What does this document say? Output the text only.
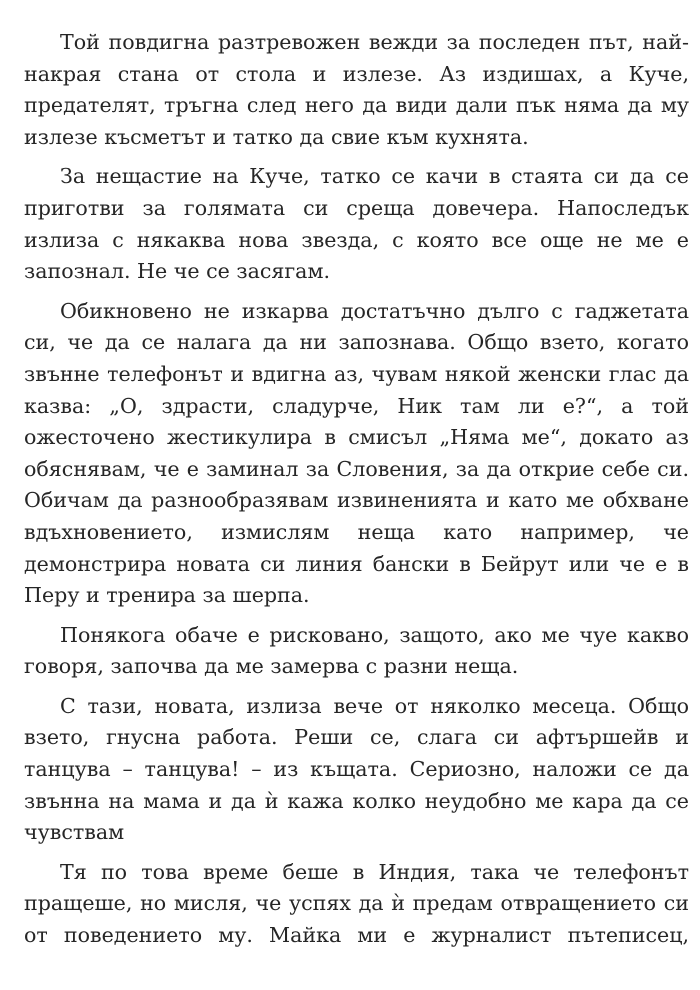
Той повдигна разтревожен вежди за последен път, най-накрая стана от стола и излезе. Аз издишах, а Куче, предателят, тръгна след него да види дали пък няма да му излезе късметът и татко да свие към кухнята.

За нещастие на Куче, татко се качи в стаята си да се приготви за голямата си среща довечера. Напоследък излиза с някаква нова звезда, с която все още не ме е запознал. Не че се засягам.

Обикновено не изкарва достатъчно дълго с гаджетата си, че да се налага да ни запознава. Общо взето, когато звънне телефонът и вдигна аз, чувам някой женски глас да казва: „О, здрасти, сладурче, Ник там ли е?“, а той ожесточено жестикулира в смисъл „Няма ме“, докато аз обяснявам, че е заминал за Словения, за да открие себе си. Обичам да разнообразявам извиненията и като ме обхване вдъхновението, измислям неща като например, че демонстрира новата си линия бански в Бейрут или че е в Перу и тренира за шерпа.

Понякога обаче е рисковано, защото, ако ме чуе какво говоря, започва да ме замерва с разни неща.

С тази, новата, излиза вече от няколко месеца. Общо взето, гнусна работа. Реши се, слага си афтършейв и танцува – танцува! – из къщата. Сериозно, наложи се да звънна на мама и да ѝ кажа колко неудобно ме кара да се чувствам

Тя по това време беше в Индия, така че телефонът пращеше, но мисля, че успях да ѝ предам отвращението си от поведението му. Майка ми е журналист пътеписец,
